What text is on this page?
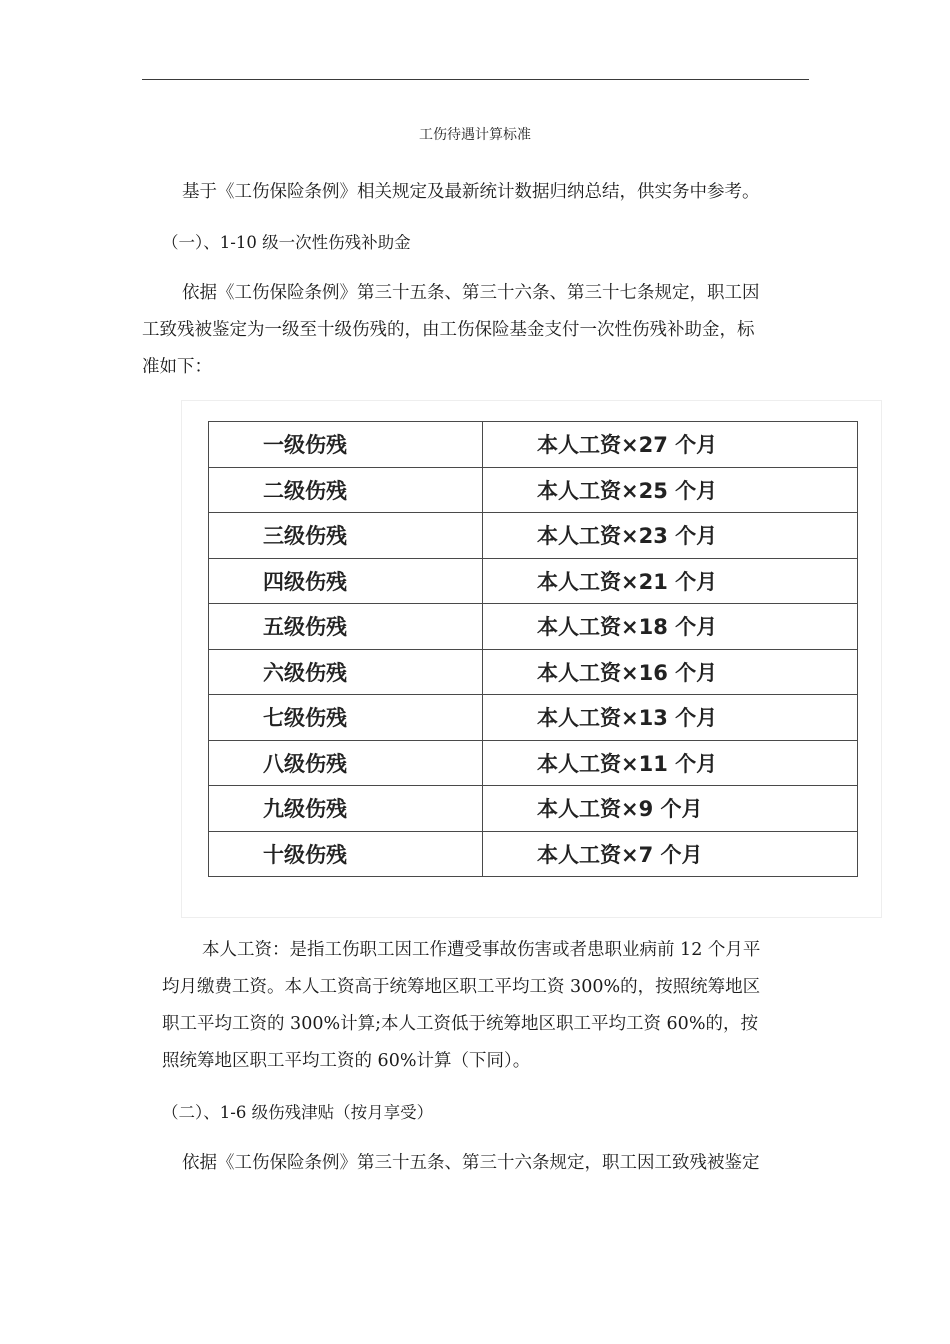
工伤待遇计算标准
基于《工伤保险条例》相关规定及最新统计数据归纳总结，供实务中参考。
（一）、1-10 级一次性伤残补助金
依据《工伤保险条例》第三十五条、第三十六条、第三十七条规定，职工因
工致残被鉴定为一级至十级伤残的，由工伤保险基金支付一次性伤残补助金，标
准如下：
一级伤残	本人工资×27 个月
二级伤残	本人工资×25 个月
三级伤残	本人工资×23 个月
四级伤残	本人工资×21 个月
五级伤残	本人工资×18 个月
六级伤残	本人工资×16 个月
七级伤残	本人工资×13 个月
八级伤残	本人工资×11 个月
九级伤残	本人工资×9 个月
十级伤残	本人工资×7 个月
本人工资：是指工伤职工因工作遭受事故伤害或者患职业病前 12 个月平
均月缴费工资。本人工资高于统筹地区职工平均工资 300%的，按照统筹地区
职工平均工资的 300%计算;本人工资低于统筹地区职工平均工资 60%的，按
照统筹地区职工平均工资的 60%计算（下同）。
（二）、1-6 级伤残津贴（按月享受）
依据《工伤保险条例》第三十五条、第三十六条规定，职工因工致残被鉴定
